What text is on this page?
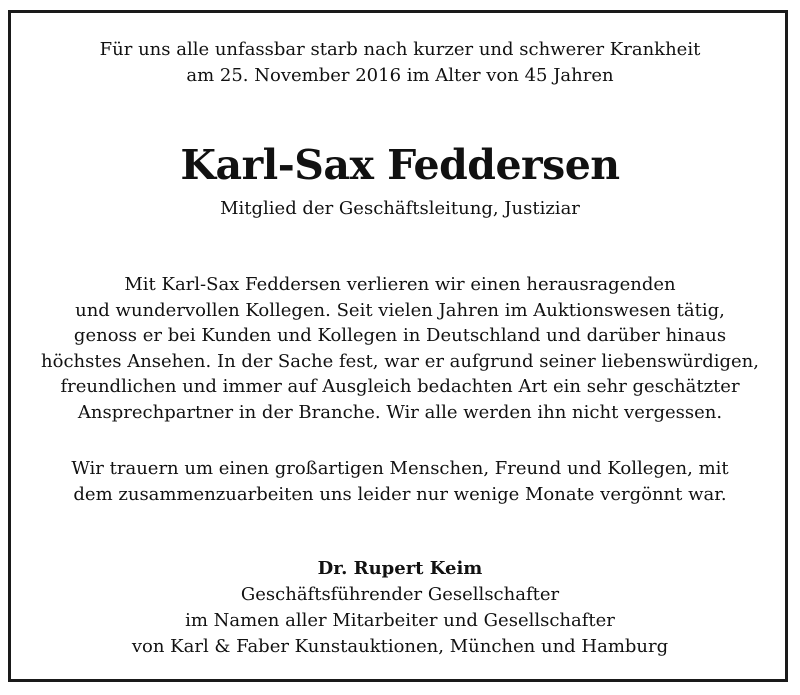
Für uns alle unfassbar starb nach kurzer und schwerer Krankheit
am 25. November 2016 im Alter von 45 Jahren
Karl-Sax Feddersen
Mitglied der Geschäftsleitung, Justiziar
Mit Karl-Sax Feddersen verlieren wir einen herausragenden
und wundervollen Kollegen. Seit vielen Jahren im Auktionswesen tätig,
genoss er bei Kunden und Kollegen in Deutschland und darüber hinaus
höchstes Ansehen. In der Sache fest, war er aufgrund seiner liebenswürdigen,
freundlichen und immer auf Ausgleich bedachten Art ein sehr geschätzter
Ansprechpartner in der Branche. Wir alle werden ihn nicht vergessen.
Wir trauern um einen großartigen Menschen, Freund und Kollegen, mit
dem zusammenzuarbeiten uns leider nur wenige Monate vergönnt war.
Dr. Rupert Keim
Geschäftsführender Gesellschafter
im Namen aller Mitarbeiter und Gesellschafter
von Karl & Faber Kunstauktionen, München und Hamburg
